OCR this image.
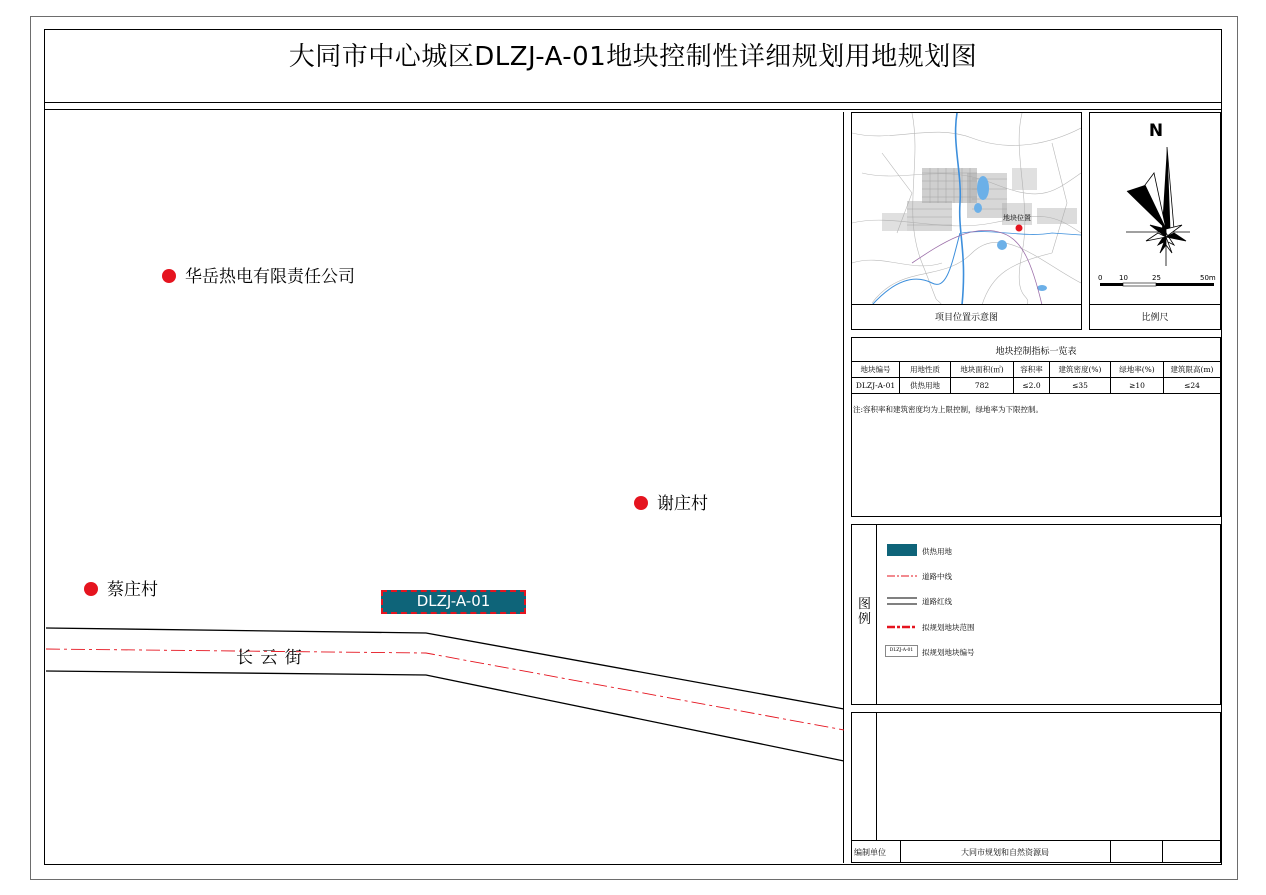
大同市中心城区DLZJ-A-01地块控制性详细规划用地规划图
DLZJ-A-01
长 云 街
华岳热电有限责任公司
谢庄村
蔡庄村
地块位置
项目位置示意图
N
0 10	25	50m
比例尺
地块控制指标一览表
地块编号	用地性质	地块面积(㎡)	容积率	建筑密度(%)	绿地率(%)	建筑限高(m)
DLZJ-A-01	供热用地	782	≤2.0	≤35	≥10	≤24
注:容积率和建筑密度均为上限控制，绿地率为下限控制。
图例
供热用地
道路中线
道路红线
拟规划地块范围
DLZJ-A-01	拟规划地块编号
编制单位	大同市规划和自然资源局
